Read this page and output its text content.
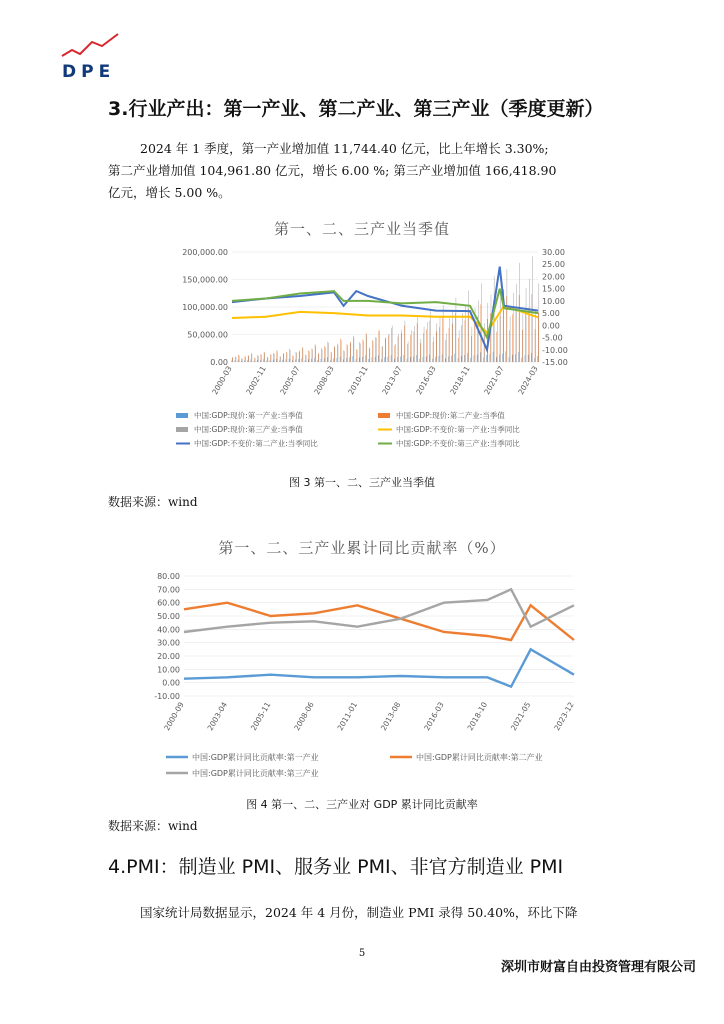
DPE
3.行业产出：第一产业、第二产业、第三产业（季度更新）
2024 年 1 季度，第一产业增加值 11,744.40 亿元，比上年增长 3.30%;
第二产业增加值 104,961.80 亿元，增长 6.00 %; 第三产业增加值 166,418.90
亿元，增长 5.00 %。
第一、二、三产业当季值
200,000.00
150,000.00
100,000.00
50,000.00
0.00
30.00
25.00
20.00
15.00
10.00
5.00
0.00
-5.00
-10.00
-15.00
2000-03 2002-11 2005-07 2008-03 2010-11 2013-07 2016-03 2018-11 2021-07 2024-03
中国:GDP:现价:第一产业:当季值	中国:GDP:现价:第二产业:当季值
中国:GDP:现价:第三产业:当季值	中国:GDP:不变价:第一产业:当季同比
中国:GDP:不变价:第二产业:当季同比	中国:GDP:不变价:第三产业:当季同比
图 3 第一、二、三产业当季值
数据来源：wind
第一、二、三产业累计同比贡献率（%）
80.00
70.00
60.00
50.00
40.00
30.00
20.00
10.00
0.00
-10.00
2000-09	2003-04	2005-11	2008-06	2011-01	2013-08	2016-03	2018-10	2021-05	2023-12
中国:GDP累计同比贡献率:第一产业	中国:GDP累计同比贡献率:第二产业
中国:GDP累计同比贡献率:第三产业
图 4 第一、二、三产业对 GDP 累计同比贡献率
数据来源：wind
4.PMI：制造业 PMI、服务业 PMI、非官方制造业 PMI
国家统计局数据显示，2024 年 4 月份，制造业 PMI 录得 50.40%，环比下降
5
深圳市财富自由投资管理有限公司
